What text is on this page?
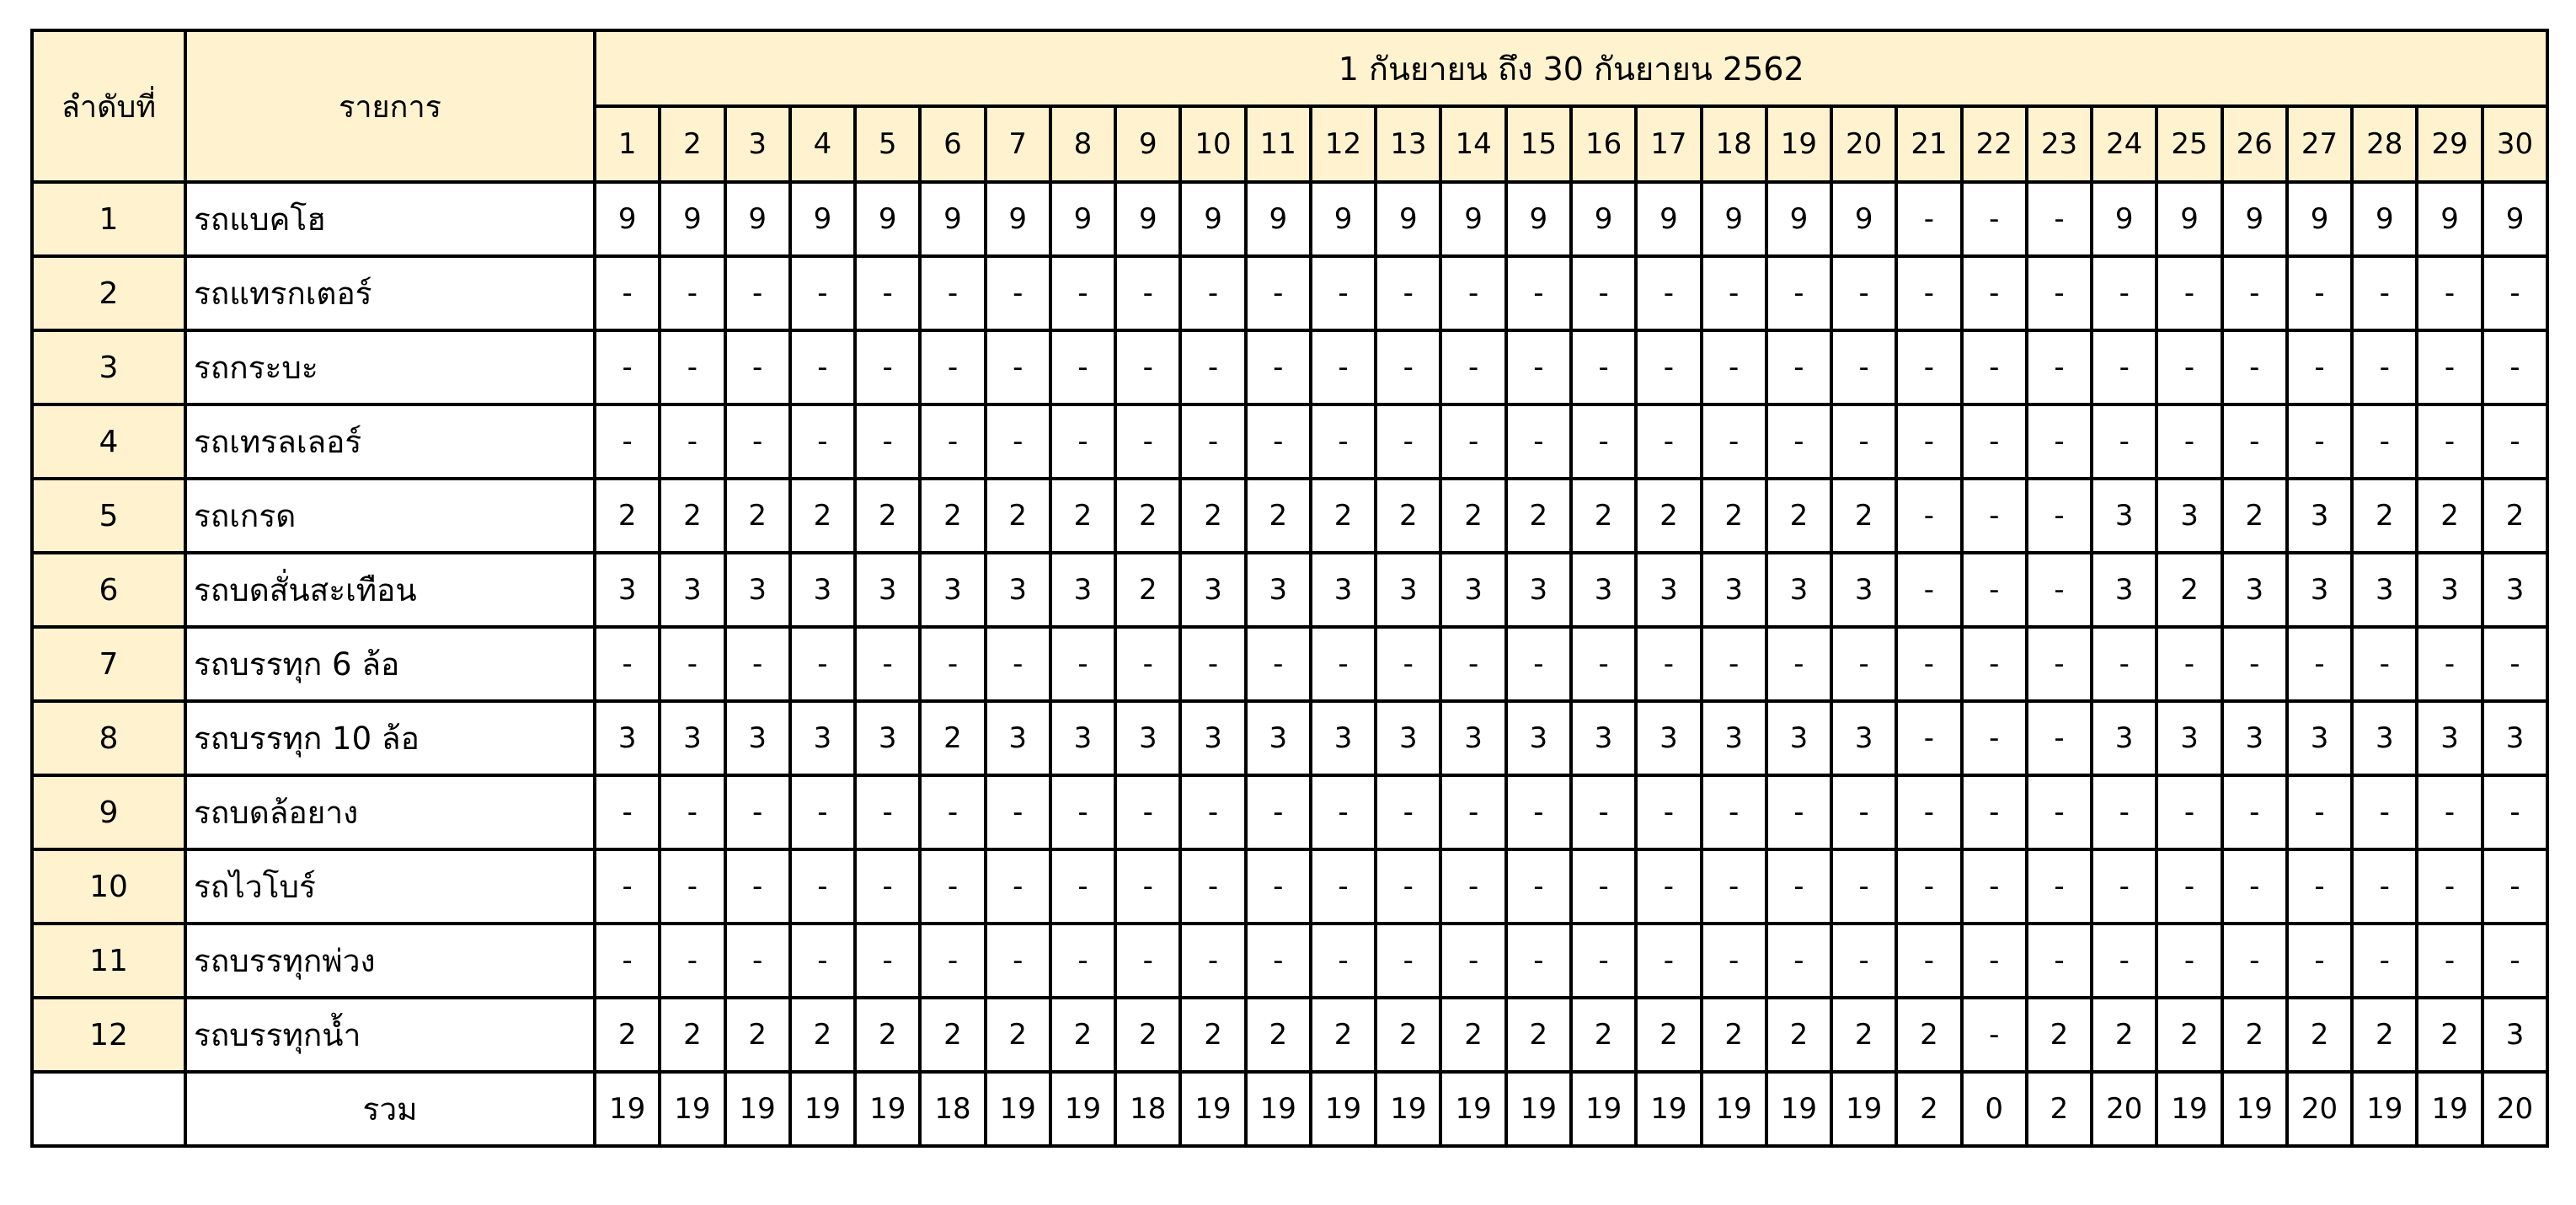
ลำดับที่	รายการ	1 กันยายน ถึง 30 กันยายน 2562																													
		1	2	3	4	5	6	7	8	9	10	11	12	13	14	15	16	17	18	19	20	21	22	23	24	25	26	27	28	29	30
1	รถแบคโฮ	9	9	9	9	9	9	9	9	9	9	9	9	9	9	9	9	9	9	9	9	-	-	-	9	9	9	9	9	9	9
2	รถแทรกเตอร์	-	-	-	-	-	-	-	-	-	-	-	-	-	-	-	-	-	-	-	-	-	-	-	-	-	-	-	-	-	-
3	รถกระบะ	-	-	-	-	-	-	-	-	-	-	-	-	-	-	-	-	-	-	-	-	-	-	-	-	-	-	-	-	-	-
4	รถเทรลเลอร์	-	-	-	-	-	-	-	-	-	-	-	-	-	-	-	-	-	-	-	-	-	-	-	-	-	-	-	-	-	-
5	รถเกรด	2	2	2	2	2	2	2	2	2	2	2	2	2	2	2	2	2	2	2	2	-	-	-	3	3	2	3	2	2	2
6	รถบดสั่นสะเทือน	3	3	3	3	3	3	3	3	2	3	3	3	3	3	3	3	3	3	3	3	-	-	-	3	2	3	3	3	3	3
7	รถบรรทุก 6 ล้อ	-	-	-	-	-	-	-	-	-	-	-	-	-	-	-	-	-	-	-	-	-	-	-	-	-	-	-	-	-	-
8	รถบรรทุก 10 ล้อ	3	3	3	3	3	2	3	3	3	3	3	3	3	3	3	3	3	3	3	3	-	-	-	3	3	3	3	3	3	3
9	รถบดล้อยาง	-	-	-	-	-	-	-	-	-	-	-	-	-	-	-	-	-	-	-	-	-	-	-	-	-	-	-	-	-	-
10	รถไวโบร์	-	-	-	-	-	-	-	-	-	-	-	-	-	-	-	-	-	-	-	-	-	-	-	-	-	-	-	-	-	-
11	รถบรรทุกพ่วง	-	-	-	-	-	-	-	-	-	-	-	-	-	-	-	-	-	-	-	-	-	-	-	-	-	-	-	-	-	-
12	รถบรรทุกน้ำ	2	2	2	2	2	2	2	2	2	2	2	2	2	2	2	2	2	2	2	2	2	-	2	2	2	2	2	2	2	3
	รวม	19	19	19	19	19	18	19	19	18	19	19	19	19	19	19	19	19	19	19	19	2	0	2	20	19	19	20	19	19	20
